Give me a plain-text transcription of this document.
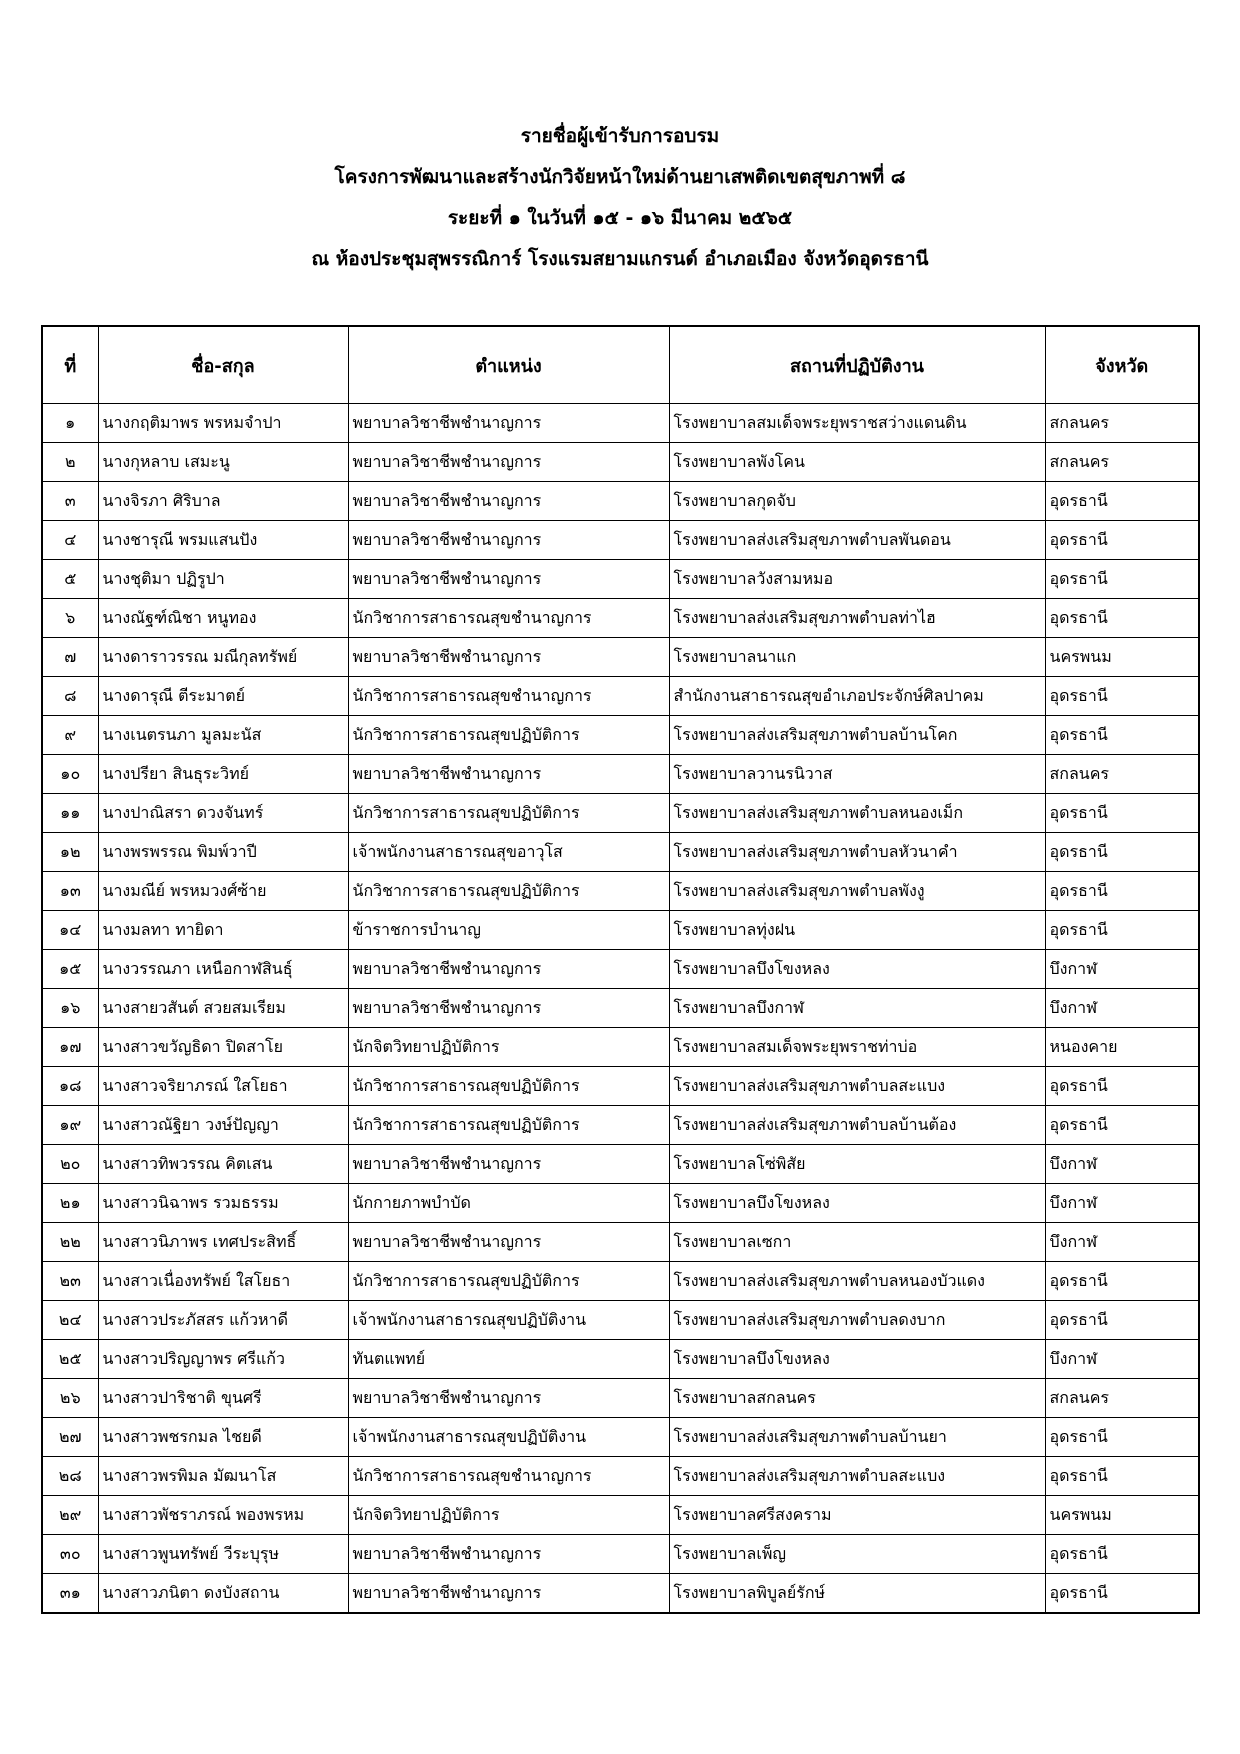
รายชื่อผู้เข้ารับการอบรม
โครงการพัฒนาและสร้างนักวิจัยหน้าใหม่ด้านยาเสพติดเขตสุขภาพที่ ๘
ระยะที่ ๑ ในวันที่ ๑๕ - ๑๖ มีนาคม ๒๕๖๕
ณ ห้องประชุมสุพรรณิการ์ โรงแรมสยามแกรนด์ อำเภอเมือง จังหวัดอุดรธานี
ที่	ชื่อ-สกุล	ตำแหน่ง	สถานที่ปฏิบัติงาน	จังหวัด
๑	นางกฤติมาพร พรหมจำปา	พยาบาลวิชาชีพชำนาญการ	โรงพยาบาลสมเด็จพระยุพราชสว่างแดนดิน	สกลนคร
๒	นางกุหลาบ เสมะนู	พยาบาลวิชาชีพชำนาญการ	โรงพยาบาลพังโคน	สกลนคร
๓	นางจิรภา ศิริบาล	พยาบาลวิชาชีพชำนาญการ	โรงพยาบาลกุดจับ	อุดรธานี
๔	นางชารุณี พรมแสนปัง	พยาบาลวิชาชีพชำนาญการ	โรงพยาบาลส่งเสริมสุขภาพตำบลพันดอน	อุดรธานี
๕	นางชุติมา ปฏิรูปา	พยาบาลวิชาชีพชำนาญการ	โรงพยาบาลวังสามหมอ	อุดรธานี
๖	นางณัฐฑ์ณิชา หนูทอง	นักวิชาการสาธารณสุขชำนาญการ	โรงพยาบาลส่งเสริมสุขภาพตำบลท่าไฮ	อุดรธานี
๗	นางดาราวรรณ มณีกุลทรัพย์	พยาบาลวิชาชีพชำนาญการ	โรงพยาบาลนาแก	นครพนม
๘	นางดารุณี ตีระมาตย์	นักวิชาการสาธารณสุขชำนาญการ	สำนักงานสาธารณสุขอำเภอประจักษ์ศิลปาคม	อุดรธานี
๙	นางเนตรนภา มูลมะนัส	นักวิชาการสาธารณสุขปฏิบัติการ	โรงพยาบาลส่งเสริมสุขภาพตำบลบ้านโคก	อุดรธานี
๑๐	นางปรียา สินธุระวิทย์	พยาบาลวิชาชีพชำนาญการ	โรงพยาบาลวานรนิวาส	สกลนคร
๑๑	นางปาณิสรา ดวงจันทร์	นักวิชาการสาธารณสุขปฏิบัติการ	โรงพยาบาลส่งเสริมสุขภาพตำบลหนองเม็ก	อุดรธานี
๑๒	นางพรพรรณ พิมพ์วาปี	เจ้าพนักงานสาธารณสุขอาวุโส	โรงพยาบาลส่งเสริมสุขภาพตำบลหัวนาคำ	อุดรธานี
๑๓	นางมณีย์ พรหมวงศ์ซ้าย	นักวิชาการสาธารณสุขปฏิบัติการ	โรงพยาบาลส่งเสริมสุขภาพตำบลพังงู	อุดรธานี
๑๔	นางมลทา ทายิดา	ข้าราชการบำนาญ	โรงพยาบาลทุ่งฝน	อุดรธานี
๑๕	นางวรรณภา เหนือกาฬสินธุ์	พยาบาลวิชาชีพชำนาญการ	โรงพยาบาลบึงโขงหลง	บึงกาฬ
๑๖	นางสายวสันต์ สวยสมเรียม	พยาบาลวิชาชีพชำนาญการ	โรงพยาบาลบึงกาฬ	บึงกาฬ
๑๗	นางสาวขวัญธิดา ปิดสาโย	นักจิตวิทยาปฏิบัติการ	โรงพยาบาลสมเด็จพระยุพราชท่าบ่อ	หนองคาย
๑๘	นางสาวจริยาภรณ์ ใสโยธา	นักวิชาการสาธารณสุขปฏิบัติการ	โรงพยาบาลส่งเสริมสุขภาพตำบลสะแบง	อุดรธานี
๑๙	นางสาวณัฐิยา วงษ์ปัญญา	นักวิชาการสาธารณสุขปฏิบัติการ	โรงพยาบาลส่งเสริมสุขภาพตำบลบ้านต้อง	อุดรธานี
๒๐	นางสาวทิพวรรณ คิตเสน	พยาบาลวิชาชีพชำนาญการ	โรงพยาบาลโซ่พิสัย	บึงกาฬ
๒๑	นางสาวนิฉาพร รวมธรรม	นักกายภาพบำบัด	โรงพยาบาลบึงโขงหลง	บึงกาฬ
๒๒	นางสาวนิภาพร เทศประสิทธิ์	พยาบาลวิชาชีพชำนาญการ	โรงพยาบาลเซกา	บึงกาฬ
๒๓	นางสาวเนื่องทรัพย์ ใสโยธา	นักวิชาการสาธารณสุขปฏิบัติการ	โรงพยาบาลส่งเสริมสุขภาพตำบลหนองบัวแดง	อุดรธานี
๒๔	นางสาวประภัสสร แก้วหาดี	เจ้าพนักงานสาธารณสุขปฏิบัติงาน	โรงพยาบาลส่งเสริมสุขภาพตำบลดงบาก	อุดรธานี
๒๕	นางสาวปริญญาพร ศรีแก้ว	ทันตแพทย์	โรงพยาบาลบึงโขงหลง	บึงกาฬ
๒๖	นางสาวปาริชาติ ขุนศรี	พยาบาลวิชาชีพชำนาญการ	โรงพยาบาลสกลนคร	สกลนคร
๒๗	นางสาวพชรกมล ไชยดี	เจ้าพนักงานสาธารณสุขปฏิบัติงาน	โรงพยาบาลส่งเสริมสุขภาพตำบลบ้านยา	อุดรธานี
๒๘	นางสาวพรพิมล มัฒนาโส	นักวิชาการสาธารณสุขชำนาญการ	โรงพยาบาลส่งเสริมสุขภาพตำบลสะแบง	อุดรธานี
๒๙	นางสาวพัชราภรณ์ พองพรหม	นักจิตวิทยาปฏิบัติการ	โรงพยาบาลศรีสงคราม	นครพนม
๓๐	นางสาวพูนทรัพย์ วีระบุรุษ	พยาบาลวิชาชีพชำนาญการ	โรงพยาบาลเพ็ญ	อุดรธานี
๓๑	นางสาวภนิตา ดงบังสถาน	พยาบาลวิชาชีพชำนาญการ	โรงพยาบาลพิบูลย์รักษ์	อุดรธานี
